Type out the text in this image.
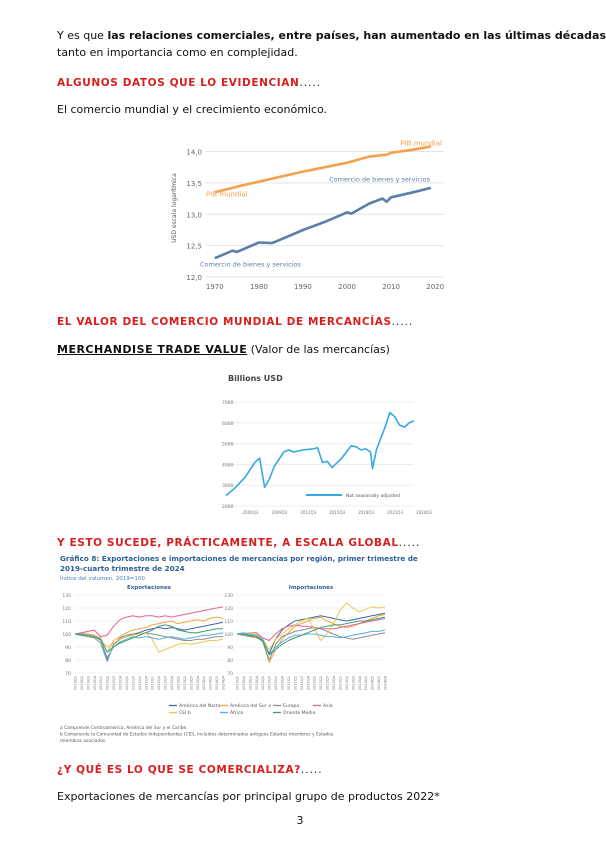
Y es que las relaciones comerciales, entre países, han aumentado en las últimas décadas
tanto en importancia como en complejidad.
ALGUNOS DATOS QUE LO EVIDENCIAN.....
El comercio mundial y el crecimiento económico.
12,0
12,5
13,0
13,5
14,0
1970	1980	1990	2000	2010	2020
USD escala logarítmica
PIB mundial
PIB mundial
Comercio de bienes y servicios
Comercio de bienes y servicios
EL VALOR DEL COMERCIO MUNDIAL DE MERCANCÍAS.....
MERCHANDISE TRADE VALUE (Valor de las mercancías)
Billions USD
7000
6000
5000
4000
3000
2000
2006Q3	2009Q3	2012Q3	2015Q3	2018Q3	2021Q3	2024Q3
Not seasonally adjusted
Y ESTO SUCEDE, PRÁCTICAMENTE, A ESCALA GLOBAL.....
Gráfico 8: Exportaciones e importaciones de mercancías por región, primer trimestre de
2019-cuarto trimestre de 2024
Índice del volumen, 2019=100
Exportaciones
130
120
110
100
90
80
70
2019Q1 2019Q2 2019Q3 2019Q4 2020Q1 2020Q2 2020Q3 2020Q4 2021Q1 2021Q2 2021Q3 2021Q4 2022Q1 2022Q2 2022Q3 2022Q4 2023Q1 2023Q2 2023Q3 2023Q4 2024Q1 2024Q2 2024Q3 2024Q4
Importaciones
130
120
110
100
90
80
70
2019Q1 2019Q2 2019Q3 2019Q4 2020Q1 2020Q2 2020Q3 2020Q4 2021Q1 2021Q2 2021Q3 2021Q4 2022Q1 2022Q2 2022Q3 2022Q4 2023Q1 2023Q2 2023Q3 2023Q4 2024Q1 2024Q2 2024Q3 2024Q4
América del Norte América del Sur a	Europa	Asia
CEI b	África	Oriente Medio
a Comprende Centroamérica, América del Sur y el Caribe.
b Comprende la Comunidad de Estados Independientes (CEI), incluidos determinados antiguos Estados miembros y Estados
miembros asociados.
¿Y QUÉ ES LO QUE SE COMERCIALIZA?.....
Exportaciones de mercancías por principal grupo de productos 2022*
3
